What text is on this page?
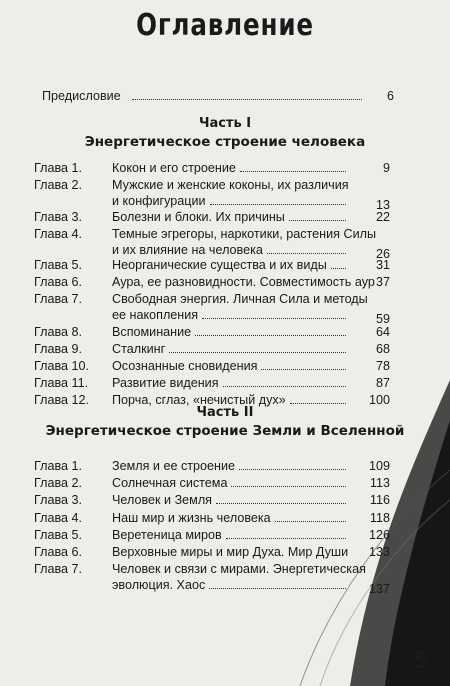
Оглавление
Предисловие	6
Часть I
Энергетическое строение человека
Глава 1. Кокон и его строение	9
Глава 2. Мужские и женские коконы, их различия
и конфигурации	13
Глава 3. Болезни и блоки. Их причины	22
Глава 4. Темные эгрегоры, наркотики, растения Силы
и их влияние на человека	26
Глава 5. Неорганические существа и их виды	31
Глава 6. Аура, ее разновидности. Совместимость аур 37
Глава 7. Свободная энергия. Личная Сила и методы
ее накопления	59
Глава 8. Вспоминание	64
Глава 9. Сталкинг	68
Глава 10. Осознанные сновидения	78
Глава 11. Развитие видения	87
Глава 12. Порча, сглаз, «нечистый дух»	100
Часть II
Энергетическое строение Земли и Вселенной
Глава 1. Земля и ее строение	109
Глава 2. Солнечная система	113
Глава 3. Человек и Земля	116
Глава 4. Наш мир и жизнь человека	118
Глава 5. Веретеница миров	126
Глава 6. Верховные миры и мир Духа. Мир Души	133
Глава 7. Человек и связи с мирами. Энергетическая
эволюция. Хаос	137
5
